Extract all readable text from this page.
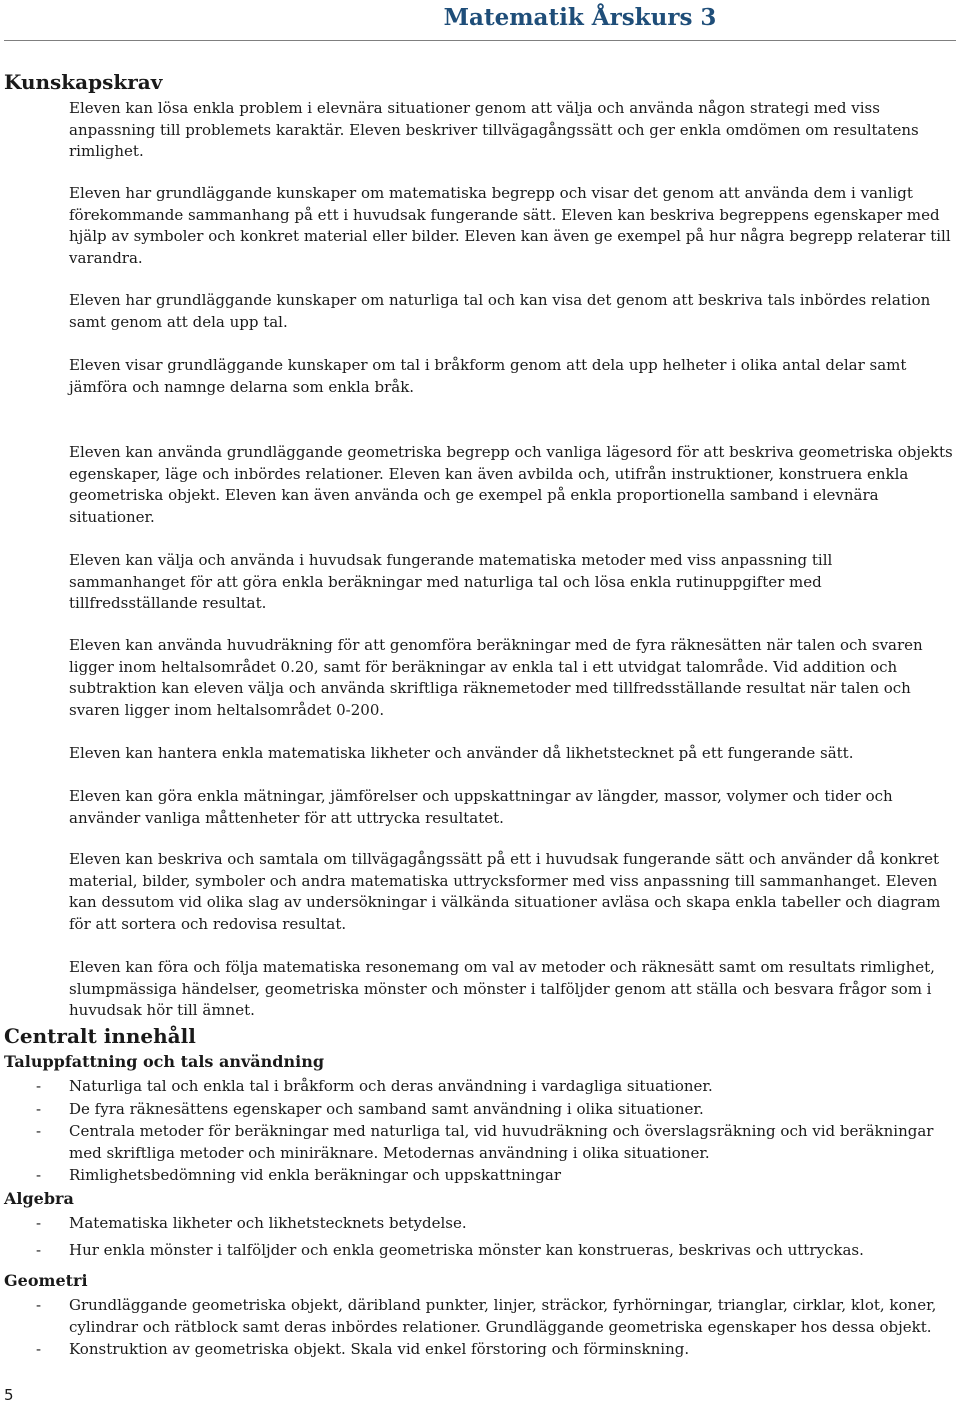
Matematik Årskurs 3
Kunskapskrav
Eleven kan lösa enkla problem i elevnära situationer genom att välja och använda någon strategi med viss anpassning till problemets karaktär. Eleven beskriver tillvägagångssätt och ger enkla omdömen om resultatens rimlighet.
Eleven har grundläggande kunskaper om matematiska begrepp och visar det genom att använda dem i vanligt förekommande sammanhang på ett i huvudsak fungerande sätt. Eleven kan beskriva begreppens egenskaper med hjälp av symboler och konkret material eller bilder. Eleven kan även ge exempel på hur några begrepp relaterar till varandra.
Eleven har grundläggande kunskaper om naturliga tal och kan visa det genom att beskriva tals inbördes relation samt genom att dela upp tal.
Eleven visar grundläggande kunskaper om tal i bråkform genom att dela upp helheter i olika antal delar samt jämföra och namnge delarna som enkla bråk.
Eleven kan använda grundläggande geometriska begrepp och vanliga lägesord för att beskriva geometriska objekts egenskaper, läge och inbördes relationer. Eleven kan även avbilda och, utifrån instruktioner, konstruera enkla geometriska objekt. Eleven kan även använda och ge exempel på enkla proportionella samband i elevnära situationer.
Eleven kan välja och använda i huvudsak fungerande matematiska metoder med viss anpassning till sammanhanget för att göra enkla beräkningar med naturliga tal och lösa enkla rutinuppgifter med tillfredsställande resultat.
Eleven kan använda huvudräkning för att genomföra beräkningar med de fyra räknesätten när talen och svaren ligger inom heltalsområdet 0.20, samt för beräkningar av enkla tal i ett utvidgat talområde. Vid addition och subtraktion kan eleven välja och använda skriftliga räknemetoder med tillfredsställande resultat när talen och svaren ligger inom heltalsområdet 0-200.
Eleven kan hantera enkla matematiska likheter och använder då likhetstecknet på ett fungerande sätt.
Eleven kan göra enkla mätningar, jämförelser och uppskattningar av längder, massor, volymer och tider och använder vanliga måttenheter för att uttrycka resultatet.
Eleven kan beskriva och samtala om tillvägagångssätt på ett i huvudsak fungerande sätt och använder då konkret material, bilder, symboler och andra matematiska uttrycksformer med viss anpassning till sammanhanget. Eleven kan dessutom vid olika slag av undersökningar i välkända situationer avläsa och skapa enkla tabeller och diagram för att sortera och redovisa resultat.
Eleven kan föra och följa matematiska resonemang om val av metoder och räknesätt samt om resultats rimlighet, slumpmässiga händelser, geometriska mönster och mönster i talföljder genom att ställa och besvara frågor som i huvudsak hör till ämnet.
Centralt innehåll
Taluppfattning och tals användning
- Naturliga tal och enkla tal i bråkform och deras användning i vardagliga situationer.
- De fyra räknesättens egenskaper och samband samt användning i olika situationer.
- Centrala metoder för beräkningar med naturliga tal, vid huvudräkning och överslagsräkning och vid beräkningar med skriftliga metoder och miniräknare. Metodernas användning i olika situationer.
- Rimlighetsbedömning vid enkla beräkningar och uppskattningar
Algebra
- Matematiska likheter och likhetstecknets betydelse.
- Hur enkla mönster i talföljder och enkla geometriska mönster kan konstrueras, beskrivas och uttryckas.
Geometri
- Grundläggande geometriska objekt, däribland punkter, linjer, sträckor, fyrhörningar, trianglar, cirklar, klot, koner, cylindrar och rätblock samt deras inbördes relationer. Grundläggande geometriska egenskaper hos dessa objekt.
- Konstruktion av geometriska objekt. Skala vid enkel förstoring och förminskning.
5
